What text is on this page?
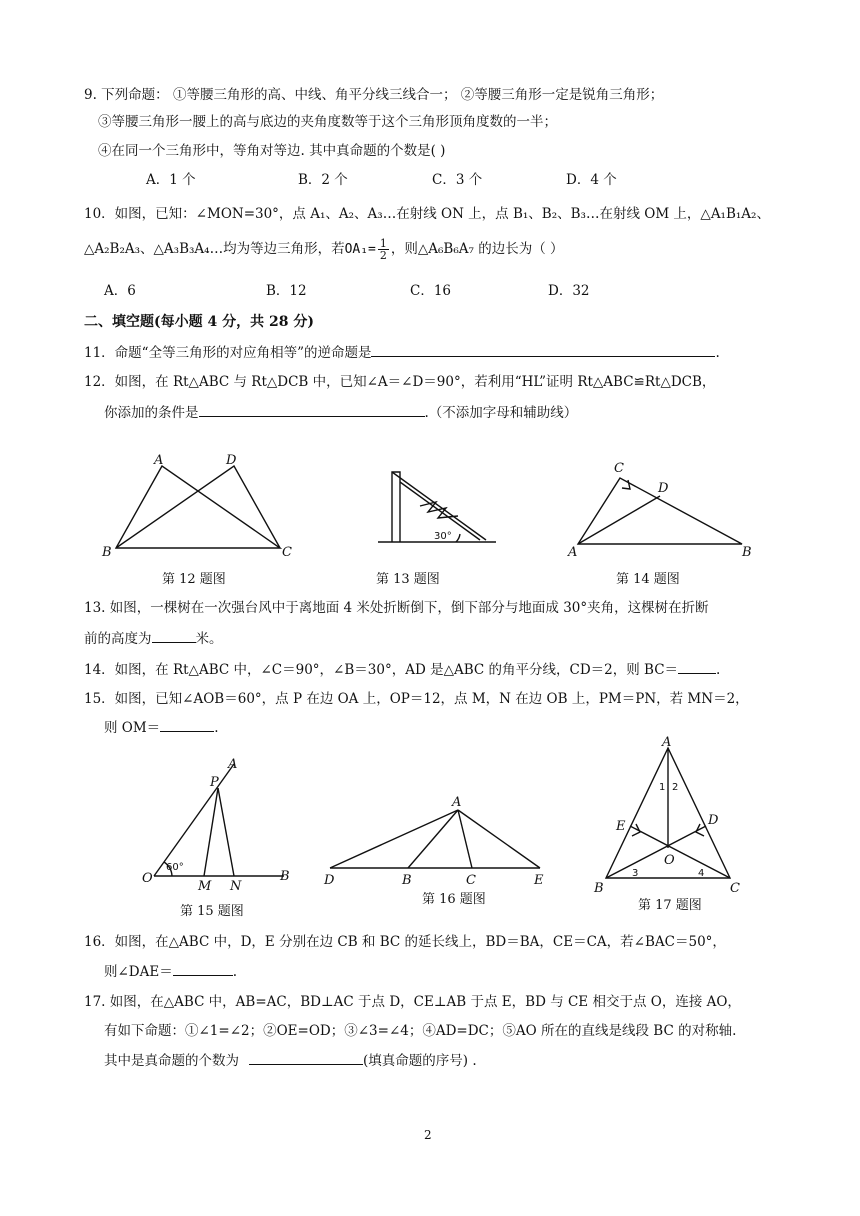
9. 下列命题： ①等腰三角形的高、中线、角平分线三线合一； ②等腰三角形一定是锐角三角形；
③等腰三角形一腰上的高与底边的夹角度数等于这个三角形顶角度数的一半；
④在同一个三角形中，等角对等边. 其中真命题的个数是( )
A．1 个	B．2 个	C．3 个	D．4 个
10．如图，已知：∠MON=30°，点 A₁、A₂、A₃…在射线 ON 上，点 B₁、B₂、B₃…在射线 OM 上，△A₁B₁A₂、
△A₂B₂A₃、△A₃B₃A₄…均为等边三角形，若$OA_1= \frac{1}{2}$ ，则△A₆B₆A₇ 的边长为（ ）
A．6	B．12	C．16	D．32
二、填空题(每小题 4 分，共 28 分)
11．命题“全等三角形的对应角相等”的逆命题是	.
12．如图，在 Rt△ABC 与 Rt△DCB 中，已知∠A＝∠D＝90°，若利用“HL”证明 Rt△ABC≌Rt△DCB，
你添加的条件是	.（不添加字母和辅助线）
A	D
B	C
第 12 题图
30°
第 13 题图
C
D
A	B
第 14 题图
13. 如图，一棵树在一次强台风中于离地面 4 米处折断倒下，倒下部分与地面成 30°夹角，这棵树在折断
前的高度为	米。
14．如图，在 Rt△ABC 中，∠C＝90°，∠B＝30°，AD 是△ABC 的角平分线，CD＝2，则 BC＝	.
15．如图，已知∠AOB＝60°，点 P 在边 OA 上，OP＝12，点 M，N 在边 OB 上，PM＝PN，若 MN＝2，
则 OM＝	.
A
P
O
M N
B
60°
第 15 题图
A
D	B	C	E
第 16 题图
A
E	D
O
B	C
1 2
3	4
第 17 题图
16．如图，在△ABC 中，D，E 分别在边 CB 和 BC 的延长线上，BD＝BA，CE＝CA，若∠BAC＝50°，
则∠DAE＝	.
17. 如图，在△ABC 中，AB=AC，BD⊥AC 于点 D，CE⊥AB 于点 E，BD 与 CE 相交于点 O，连接 AO，
有如下命题：①∠1=∠2；②OE=OD；③∠3=∠4；④AD=DC；⑤AO 所在的直线是线段 BC 的对称轴.
其中是真命题的个数为	(填真命题的序号) .
2
